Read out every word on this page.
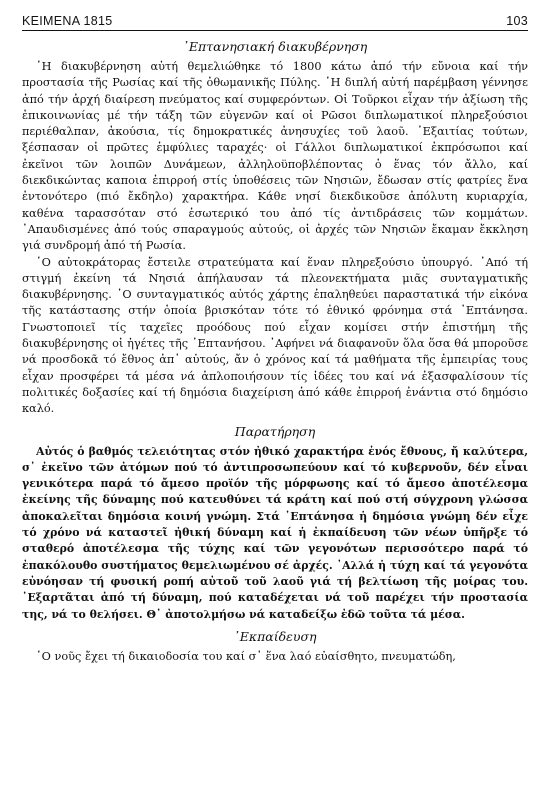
ΚΕΙΜΕΝΑ 1815	103
᾿Επτανησιακή διακυβέρνηση

῾Η διακυβέρνηση αὐτή θεμελιώθηκε τό 1800 κάτω ἀπό τήν εὔνοια καί τήν προστασία τῆς Ρωσίας καί τῆς ὀθωμανικῆς Πύλης. ῾Η διπλή αὐτή παρέμβαση γέννησε ἀπό τήν ἀρχή διαίρεση πνεύματος καί συμφερόντων. Οἱ Τοῦρκοι εἶχαν τήν ἀξίωση τῆς ἐπικοινωνίας μέ τήν τάξη τῶν εὐγενῶν καί οἱ Ρῶσοι διπλωματικοί πληρεξούσιοι περιέθαλπαν, ἀκούσια, τίς δημοκρατικές ἀνησυχίες τοῦ λαοῦ. ᾿Εξαιτίας τούτων, ξέσπασαν οἱ πρῶτες ἐμφύλιες ταραχές· οἱ Γάλλοι διπλωματικοί ἐκπρόσωποι καί ἐκεῖνοι τῶν λοιπῶν Δυνάμεων, ἀλληλοϋποβλέποντας ὁ ἕνας τόν ἄλλο, καί διεκδικώντας καποια ἐπιρροή στίς ὑποθέσεις τῶν Νησιῶν, ἔδωσαν στίς φατρίες ἕνα ἐντονότερο (πιό ἔκδηλο) χαρακτήρα. Κάθε νησί διεκδικοῦσε ἀπόλυτη κυριαρχία, καθένα ταρασσόταν στό ἐσωτερικό του ἀπό τίς ἀντιδράσεις τῶν κομμάτων. ᾿Απαυδισμένες ἀπό τούς σπαραγμούς αὐτούς, οἱ ἀρχές τῶν Νησιῶν ἔκαμαν ἔκκληση γιά συνδρομή ἀπό τή Ρωσία.

῾Ο αὐτοκράτορας ἔστειλε στρατεύματα καί ἕναν πληρεξούσιο ὑπουργό. ᾿Από τή στιγμή ἐκείνη τά Νησιά ἀπήλαυσαν τά πλεονεκτήματα μιᾶς συνταγματικῆς διακυβέρνησης. ῾Ο συνταγματικός αὐτός χάρτης ἐπαληθεύει παραστατικά τήν εἰκόνα τῆς κατάστασης στήν ὁποία βρισκόταν τότε τό ἐθνικό φρόνημα στά ᾿Επτάνησα. Γνωστοποιεῖ τίς ταχεῖες προόδους πού εἶχαν κομίσει στήν ἐπιστήμη τῆς διακυβέρνησης οἱ ἡγέτες τῆς ᾿Επτανήσου. ᾿Αφήνει νά διαφανοῦν ὅλα ὅσα θά μποροῦσε νά προσδοκᾶ τό ἔθνος ἀπ᾿ αὐτούς, ἄν ὁ χρόνος καί τά μαθήματα τῆς ἐμπειρίας τους εἶχαν προσφέρει τά μέσα νά ἀπλοποιήσουν τίς ἰδέες του καί νά ἐξασφαλίσουν τίς πολιτικές δοξασίες καί τή δημόσια διαχείριση ἀπό κάθε ἐπιρροή ἐνάντια στό δημόσιο καλό.

Παρατήρηση

Αὐτός ὁ βαθμός τελειότητας στόν ἠθικό χαρακτήρα ἑνός ἔθνους, ἤ καλύτερα, σ᾿ ἐκεῖνο τῶν ἀτόμων πού τό ἀντιπροσωπεύουν καί τό κυβερνοῦν, δέν εἶναι γενικότερα παρά τό ἄμεσο προϊόν τῆς μόρφωσης καί τό ἄμεσο ἀποτέλεσμα ἐκείνης τῆς δύναμης πού κατευθύνει τά κράτη καί πού στή σύγχρονη γλώσσα ἀποκαλεῖται δημόσια κοινή γνώμη. Στά ᾿Επτάνησα ἡ δημόσια γνώμη δέν εἶχε τό χρόνο νά καταστεῖ ἠθική δύναμη καί ἡ ἐκπαίδευση τῶν νέων ὑπῆρξε τό σταθερό ἀποτέλεσμα τῆς τύχης καί τῶν γεγονότων περισσότερο παρά τό ἐπακόλουθο συστήματος θεμελιωμένου σέ ἀρχές. ᾿Αλλά ἡ τύχη καί τά γεγονότα εὐνόησαν τή φυσική ροπή αὐτοῦ τοῦ λαοῦ γιά τή βελτίωση τῆς μοίρας του. ᾿Εξαρτᾶται ἀπό τή δύναμη, πού καταδέχεται νά τοῦ παρέχει τήν προστασία της, νά το θελήσει. Θ᾿ ἀποτολμήσω νά καταδείξω ἐδῶ τοῦτα τά μέσα.

᾿Εκπαίδευση

῾Ο νοῦς ἔχει τή δικαιοδοσία του καί σ᾿ ἕνα λαό εὐαίσθητο, πνευματώδη,
